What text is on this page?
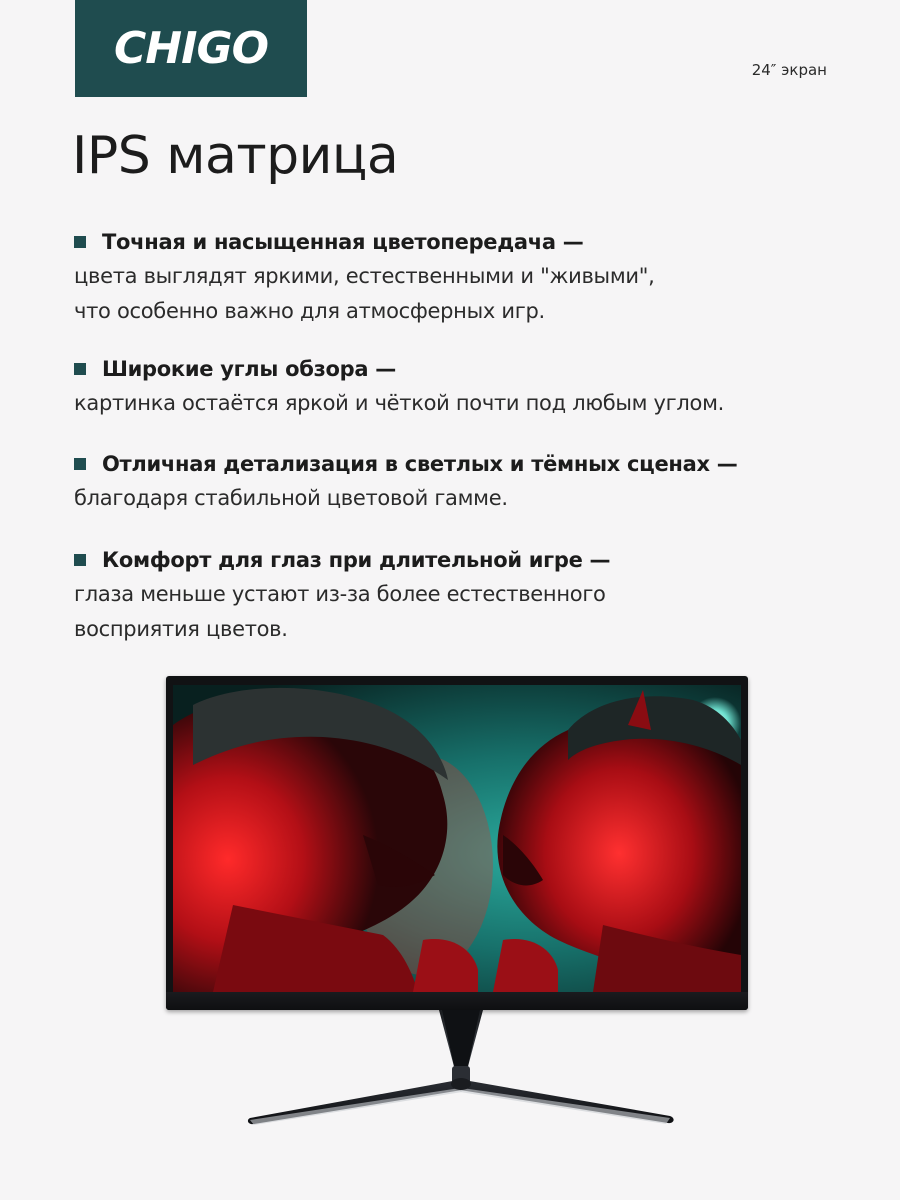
CHIGO	24″ экран
IPS матрица
Точная и насыщенная цветопередача —
цвета выглядят яркими, естественными и "живыми",
что особенно важно для атмосферных игр.
Широкие углы обзора —
картинка остаётся яркой и чёткой почти под любым углом.
Отличная детализация в светлых и тёмных сценах —
благодаря стабильной цветовой гамме.
Комфорт для глаз при длительной игре —
глаза меньше устают из-за более естественного
восприятия цветов.
